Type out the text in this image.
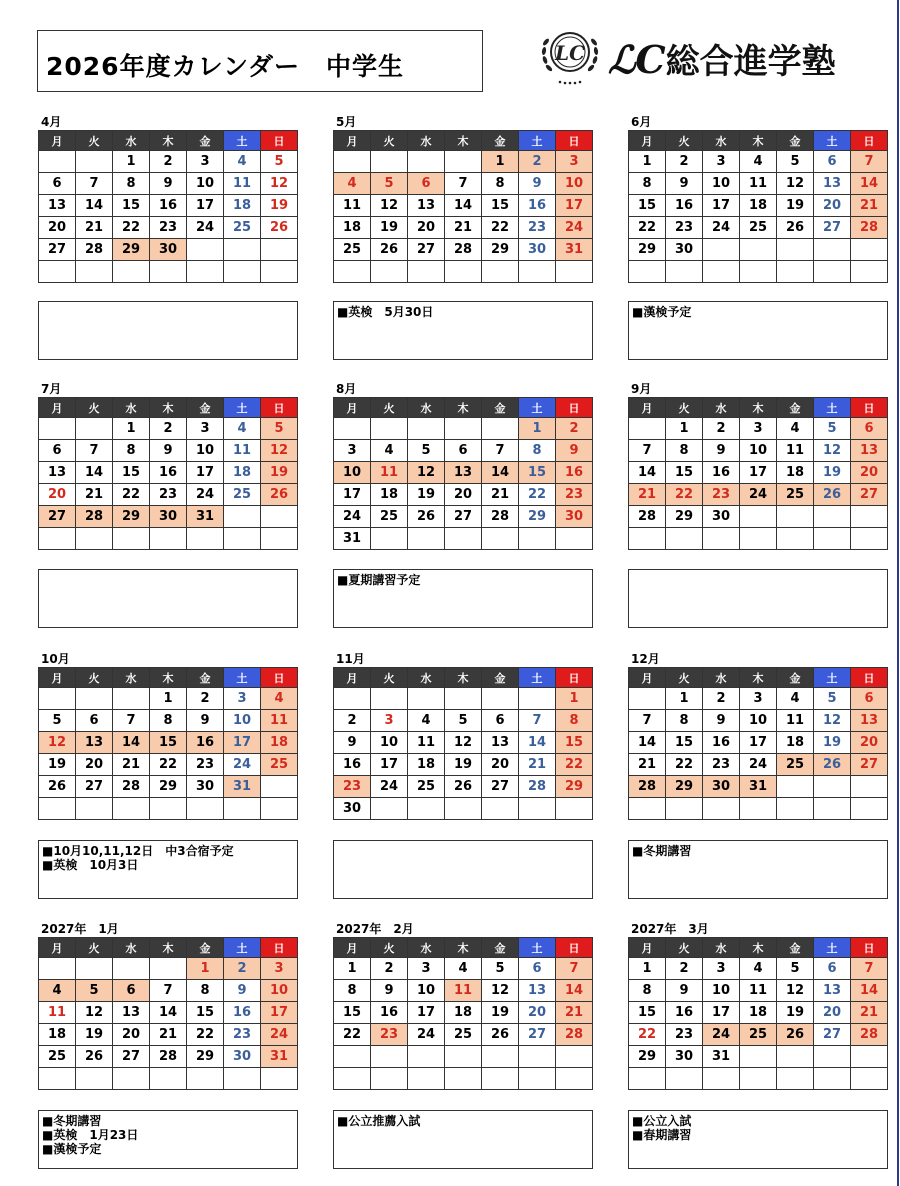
2026年度カレンダー　中学生	LC ℒC総合進学塾
4月
月	火	水	木	金	土	日
		1	2	3	4	5
6	7	8	9	10	11	12
13	14	15	16	17	18	19
20	21	22	23	24	25	26
27	28	29	30			

5月
月	火	水	木	金	土	日
				1	2	3
4	5	6	7	8	9	10
11	12	13	14	15	16	17
18	19	20	21	22	23	24
25	26	27	28	29	30	31

■英検　5月30日
6月
月	火	水	木	金	土	日
1	2	3	4	5	6	7
8	9	10	11	12	13	14
15	16	17	18	19	20	21
22	23	24	25	26	27	28
29	30					

■漢検予定
7月
月	火	水	木	金	土	日
		1	2	3	4	5
6	7	8	9	10	11	12
13	14	15	16	17	18	19
20	21	22	23	24	25	26
27	28	29	30	31		

8月
月	火	水	木	金	土	日
					1	2
3	4	5	6	7	8	9
10	11	12	13	14	15	16
17	18	19	20	21	22	23
24	25	26	27	28	29	30
31						
■夏期講習予定
9月
月	火	水	木	金	土	日
	1	2	3	4	5	6
7	8	9	10	11	12	13
14	15	16	17	18	19	20
21	22	23	24	25	26	27
28	29	30				

10月
月	火	水	木	金	土	日
			1	2	3	4
5	6	7	8	9	10	11
12	13	14	15	16	17	18
19	20	21	22	23	24	25
26	27	28	29	30	31	

■10月10,11,12日　中3合宿予定
■英検　10月3日
11月
月	火	水	木	金	土	日
						1
2	3	4	5	6	7	8
9	10	11	12	13	14	15
16	17	18	19	20	21	22
23	24	25	26	27	28	29
30						
12月
月	火	水	木	金	土	日
	1	2	3	4	5	6
7	8	9	10	11	12	13
14	15	16	17	18	19	20
21	22	23	24	25	26	27
28	29	30	31			

■冬期講習
2027年　1月
月	火	水	木	金	土	日
				1	2	3
4	5	6	7	8	9	10
11	12	13	14	15	16	17
18	19	20	21	22	23	24
25	26	27	28	29	30	31

■冬期講習
■英検　1月23日
■漢検予定
2027年　2月
月	火	水	木	金	土	日
1	2	3	4	5	6	7
8	9	10	11	12	13	14
15	16	17	18	19	20	21
22	23	24	25	26	27	28

■公立推薦入試
2027年　3月
月	火	水	木	金	土	日
1	2	3	4	5	6	7
8	9	10	11	12	13	14
15	16	17	18	19	20	21
22	23	24	25	26	27	28
29	30	31				

■公立入試
■春期講習
